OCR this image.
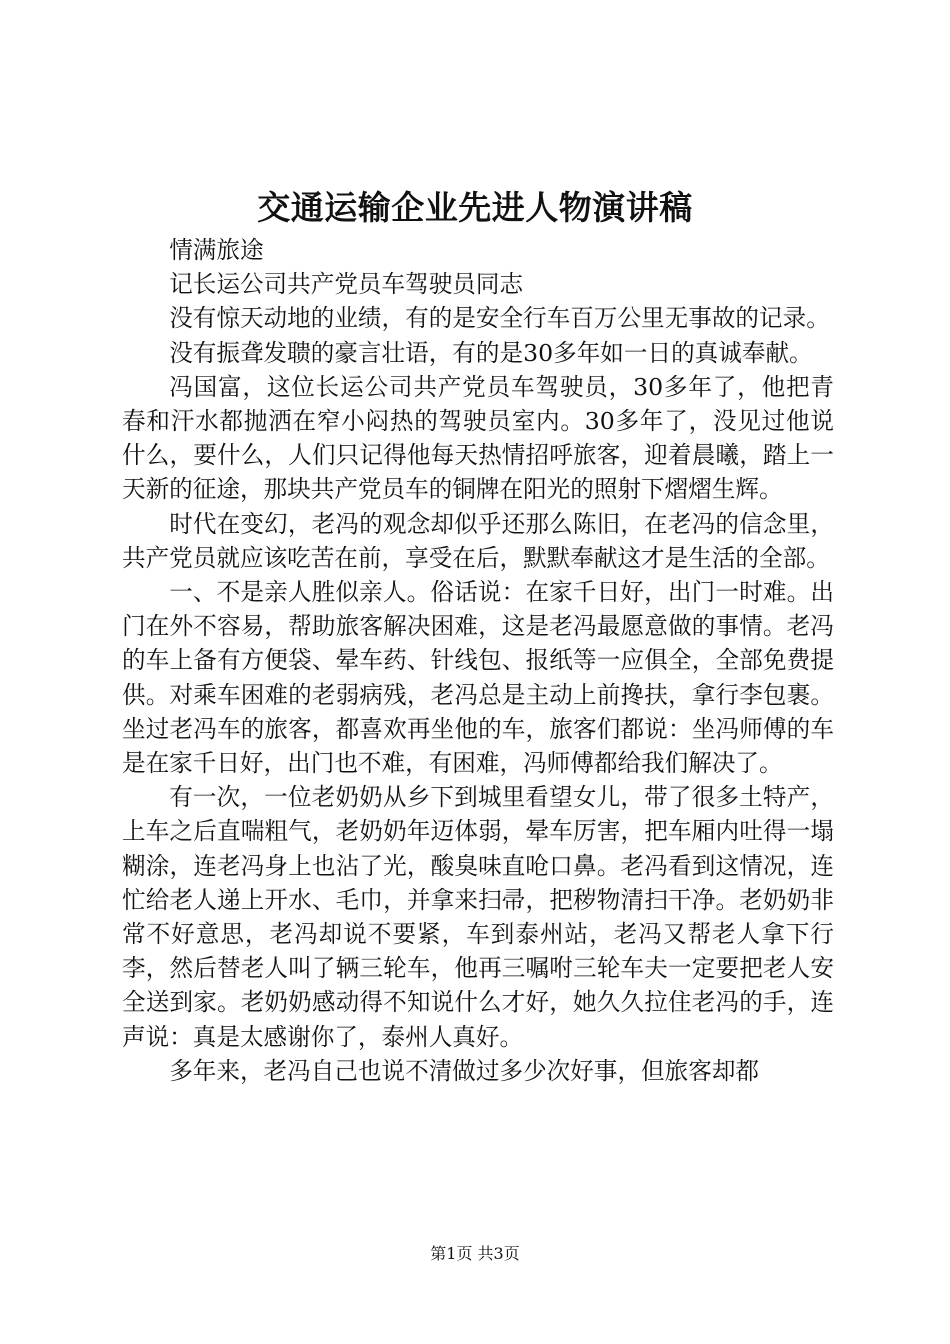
交通运输企业先进人物演讲稿

情满旅途

记长运公司共产党员车驾驶员同志

没有惊天动地的业绩，有的是安全行车百万公里无事故的记录。

没有振聋发聩的豪言壮语，有的是30多年如一日的真诚奉献。

冯国富，这位长运公司共产党员车驾驶员，30多年了，他把青春和汗水都抛洒在窄小闷热的驾驶员室内。30多年了，没见过他说什么，要什么，人们只记得他每天热情招呼旅客，迎着晨曦，踏上一天新的征途，那块共产党员车的铜牌在阳光的照射下熠熠生辉。

时代在变幻，老冯的观念却似乎还那么陈旧，在老冯的信念里，共产党员就应该吃苦在前，享受在后，默默奉献这才是生活的全部。

一、不是亲人胜似亲人。俗话说：在家千日好，出门一时难。出门在外不容易，帮助旅客解决困难，这是老冯最愿意做的事情。老冯的车上备有方便袋、晕车药、针线包、报纸等一应俱全，全部免费提供。对乘车困难的老弱病残，老冯总是主动上前搀扶，拿行李包裹。坐过老冯车的旅客，都喜欢再坐他的车，旅客们都说：坐冯师傅的车是在家千日好，出门也不难，有困难，冯师傅都给我们解决了。

有一次，一位老奶奶从乡下到城里看望女儿，带了很多土特产，上车之后直喘粗气，老奶奶年迈体弱，晕车厉害，把车厢内吐得一塌糊涂，连老冯身上也沾了光，酸臭味直呛口鼻。老冯看到这情况，连忙给老人递上开水、毛巾，并拿来扫帚，把秽物清扫干净。老奶奶非常不好意思，老冯却说不要紧，车到泰州站，老冯又帮老人拿下行李，然后替老人叫了辆三轮车，他再三嘱咐三轮车夫一定要把老人安全送到家。老奶奶感动得不知说什么才好，她久久拉住老冯的手，连声说：真是太感谢你了，泰州人真好。

多年来，老冯自己也说不清做过多少次好事，但旅客却都

第1页 共3页
